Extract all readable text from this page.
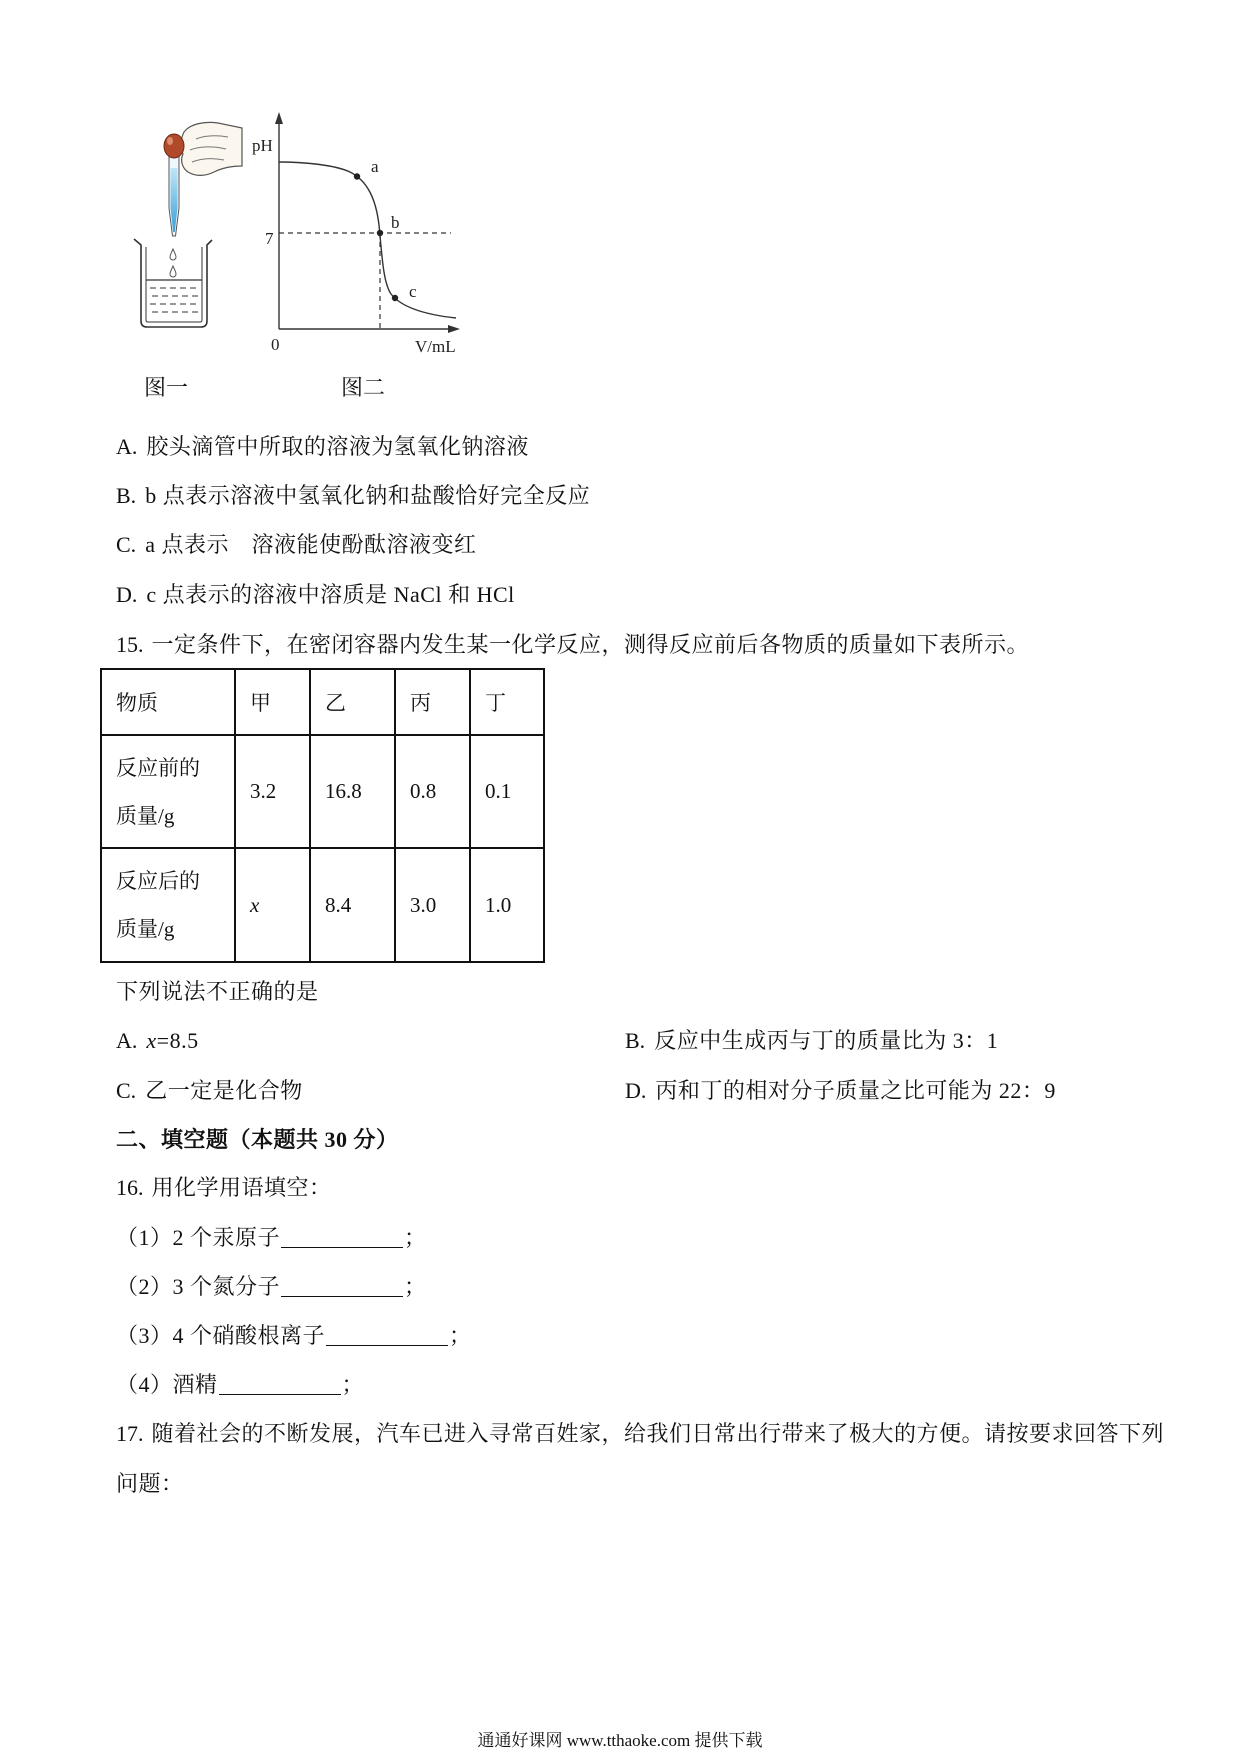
pH
7
0	V/mL
a
b
c
图一	图二
A. 胶头滴管中所取的溶液为氢氧化钠溶液
B. b 点表示溶液中氢氧化钠和盐酸恰好完全反应
C. a 点表示　溶液能使酚酞溶液变红
D. c 点表示的溶液中溶质是 NaCl 和 HCl
15. 一定条件下，在密闭容器内发生某一化学反应，测得反应前后各物质的质量如下表所示。
物质	甲	乙	丙	丁

反应前的
质量/g	3.2	16.8	0.8	0.1

反应后的
质量/g	x	8.4	3.0	1.0
下列说法不正确的是
A. x=8.5	B. 反应中生成丙与丁的质量比为 3：1
C. 乙一定是化合物	D. 丙和丁的相对分子质量之比可能为 22：9
二、填空题（本题共 30 分）
16. 用化学用语填空：
（1）2 个汞原子	；
（2）3 个氮分子	；
（3）4 个硝酸根离子	；
（4）酒精	；
17. 随着社会的不断发展，汽车已进入寻常百姓家，给我们日常出行带来了极大的方便。请按要求回答下列
问题：
通通好课网 www.tthaoke.com 提供下载
